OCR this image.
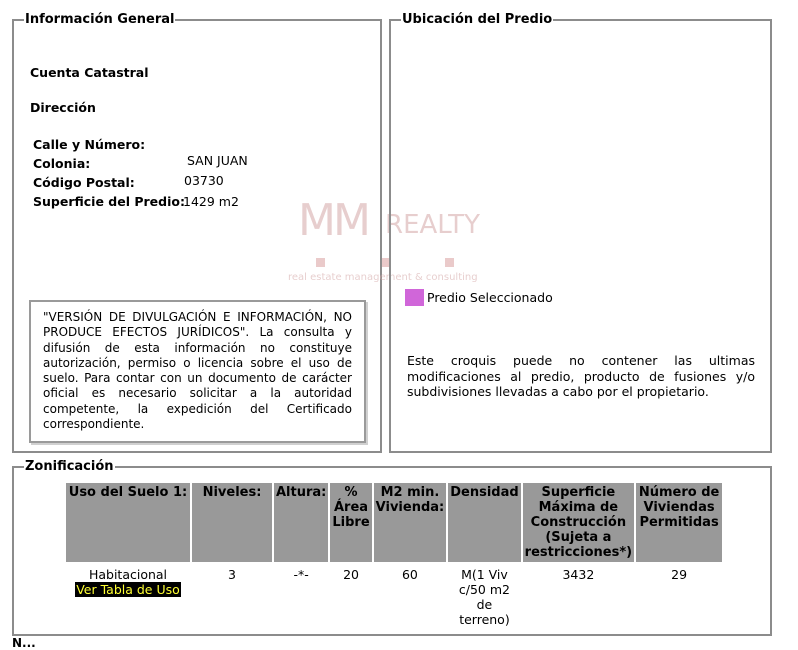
Información General
Cuenta Catastral
Dirección
Calle y Número:
Colonia:	SAN JUAN
Código Postal:	03730
Superficie del Predio:
1429 m2
"VERSIÓN DE DIVULGACIÓN E INFORMACIÓN, NO PRODUCE EFECTOS JURÍDICOS". La consulta y difusión de esta información no constituye autorización, permiso o licencia sobre el uso de suelo. Para contar con un documento de carácter oficial es necesario solicitar a la autoridad competente, la expedición del Certificado correspondiente.
MM REALTY
real estate management & consulting
Ubicación del Predio
Predio Seleccionado
Este croquis puede no contener las ultimas modificaciones al predio, producto de fusiones y/o subdivisiones llevadas a cabo por el propietario.
Zonificación
Uso del Suelo 1:	Niveles:	Altura:	% Área Libre	M2 min. Vivienda:	Densidad	Superficie Máxima de Construcción (Sujeta a restricciones*)	Número de Viviendas Permitidas

Habitacional
Ver Tabla de Uso	3	-*-	20	60	M(1 Viv c/50 m2 de terreno)	3432	29
N...
